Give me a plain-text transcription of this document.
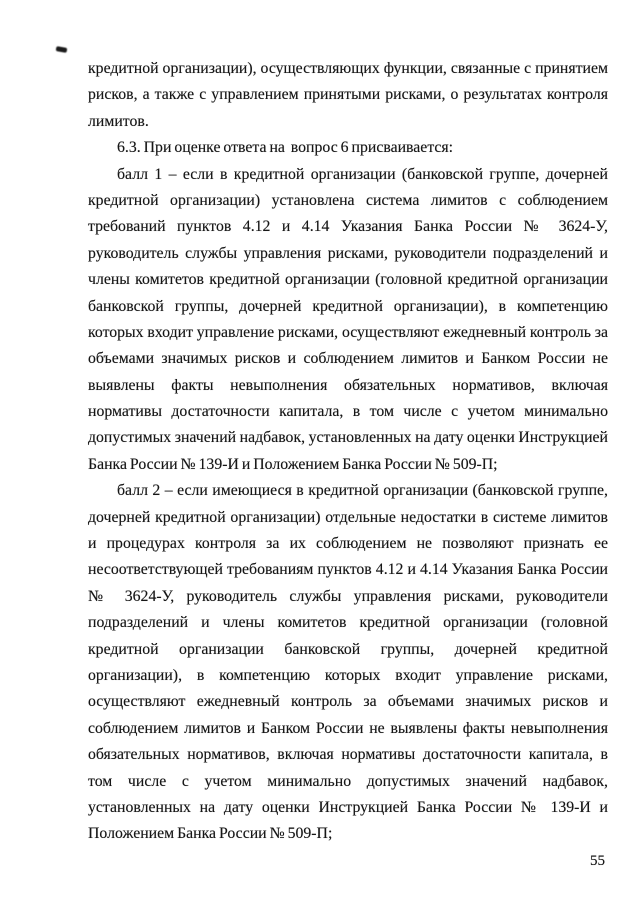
кредитной организации), осуществляющих функции, связанные с принятием
рисков, а также с управлением принятыми рисками, о результатах контроля
лимитов.
6.3. При оценке ответа на  вопрос 6 присваивается:
балл 1 – если в кредитной организации (банковской группе, дочерней
кредитной организации) установлена система лимитов с соблюдением
требований пунктов 4.12 и 4.14 Указания Банка России № 3624-У,
руководитель службы управления рисками, руководители подразделений и
члены комитетов кредитной организации (головной кредитной организации
банковской группы, дочерней кредитной организации), в компетенцию
которых входит управление рисками, осуществляют ежедневный контроль за
объемами значимых рисков и соблюдением лимитов и Банком России не
выявлены факты невыполнения обязательных нормативов, включая
нормативы достаточности капитала, в том числе с учетом минимально
допустимых значений надбавок, установленных на дату оценки Инструкцией
Банка России № 139-И и Положением Банка России № 509-П;
балл 2 – если имеющиеся в кредитной организации (банковской группе,
дочерней кредитной организации) отдельные недостатки в системе лимитов
и процедурах контроля за их соблюдением не позволяют признать ее
несоответствующей требованиям пунктов 4.12 и 4.14 Указания Банка России
№ 3624-У, руководитель службы управления рисками, руководители
подразделений и члены комитетов кредитной организации (головной
кредитной организации банковской группы, дочерней кредитной
организации), в компетенцию которых входит управление рисками,
осуществляют ежедневный контроль за объемами значимых рисков и
соблюдением лимитов и Банком России не выявлены факты невыполнения
обязательных нормативов, включая нормативы достаточности капитала, в
том числе с учетом минимально допустимых значений надбавок,
установленных на дату оценки Инструкцией Банка России № 139-И и
Положением Банка России № 509-П;
55
